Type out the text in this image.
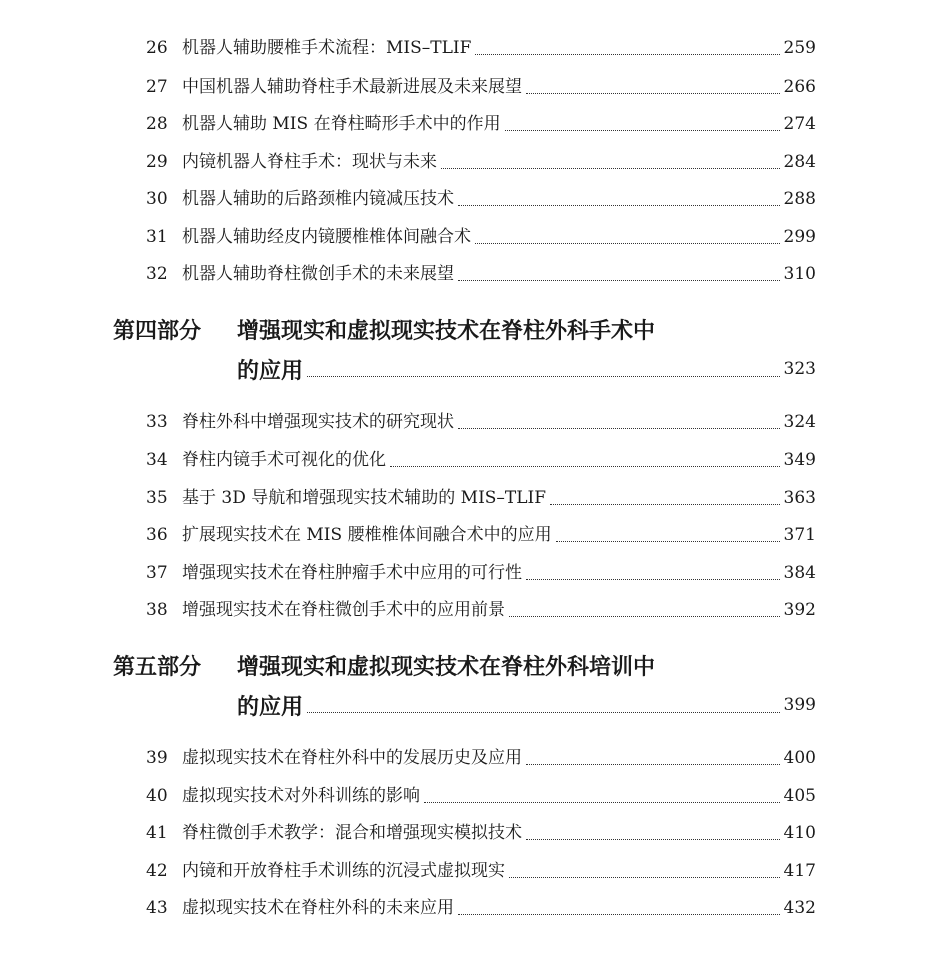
26 机器人辅助腰椎手术流程：MIS–TLIF	259
27 中国机器人辅助脊柱手术最新进展及未来展望	266
28 机器人辅助 MIS 在脊柱畸形手术中的作用	274
29 内镜机器人脊柱手术：现状与未来	284
30 机器人辅助的后路颈椎内镜减压技术	288
31 机器人辅助经皮内镜腰椎椎体间融合术	299
32 机器人辅助脊柱微创手术的未来展望	310
第四部分 增强现实和虚拟现实技术在脊柱外科手术中
的应用	323
33 脊柱外科中增强现实技术的研究现状	324
34 脊柱内镜手术可视化的优化	349
35 基于 3D 导航和增强现实技术辅助的 MIS–TLIF	363
36 扩展现实技术在 MIS 腰椎椎体间融合术中的应用	371
37 增强现实技术在脊柱肿瘤手术中应用的可行性	384
38 增强现实技术在脊柱微创手术中的应用前景	392
第五部分 增强现实和虚拟现实技术在脊柱外科培训中
的应用	399
39 虚拟现实技术在脊柱外科中的发展历史及应用	400
40 虚拟现实技术对外科训练的影响	405
41 脊柱微创手术教学：混合和增强现实模拟技术	410
42 内镜和开放脊柱手术训练的沉浸式虚拟现实	417
43 虚拟现实技术在脊柱外科的未来应用	432
